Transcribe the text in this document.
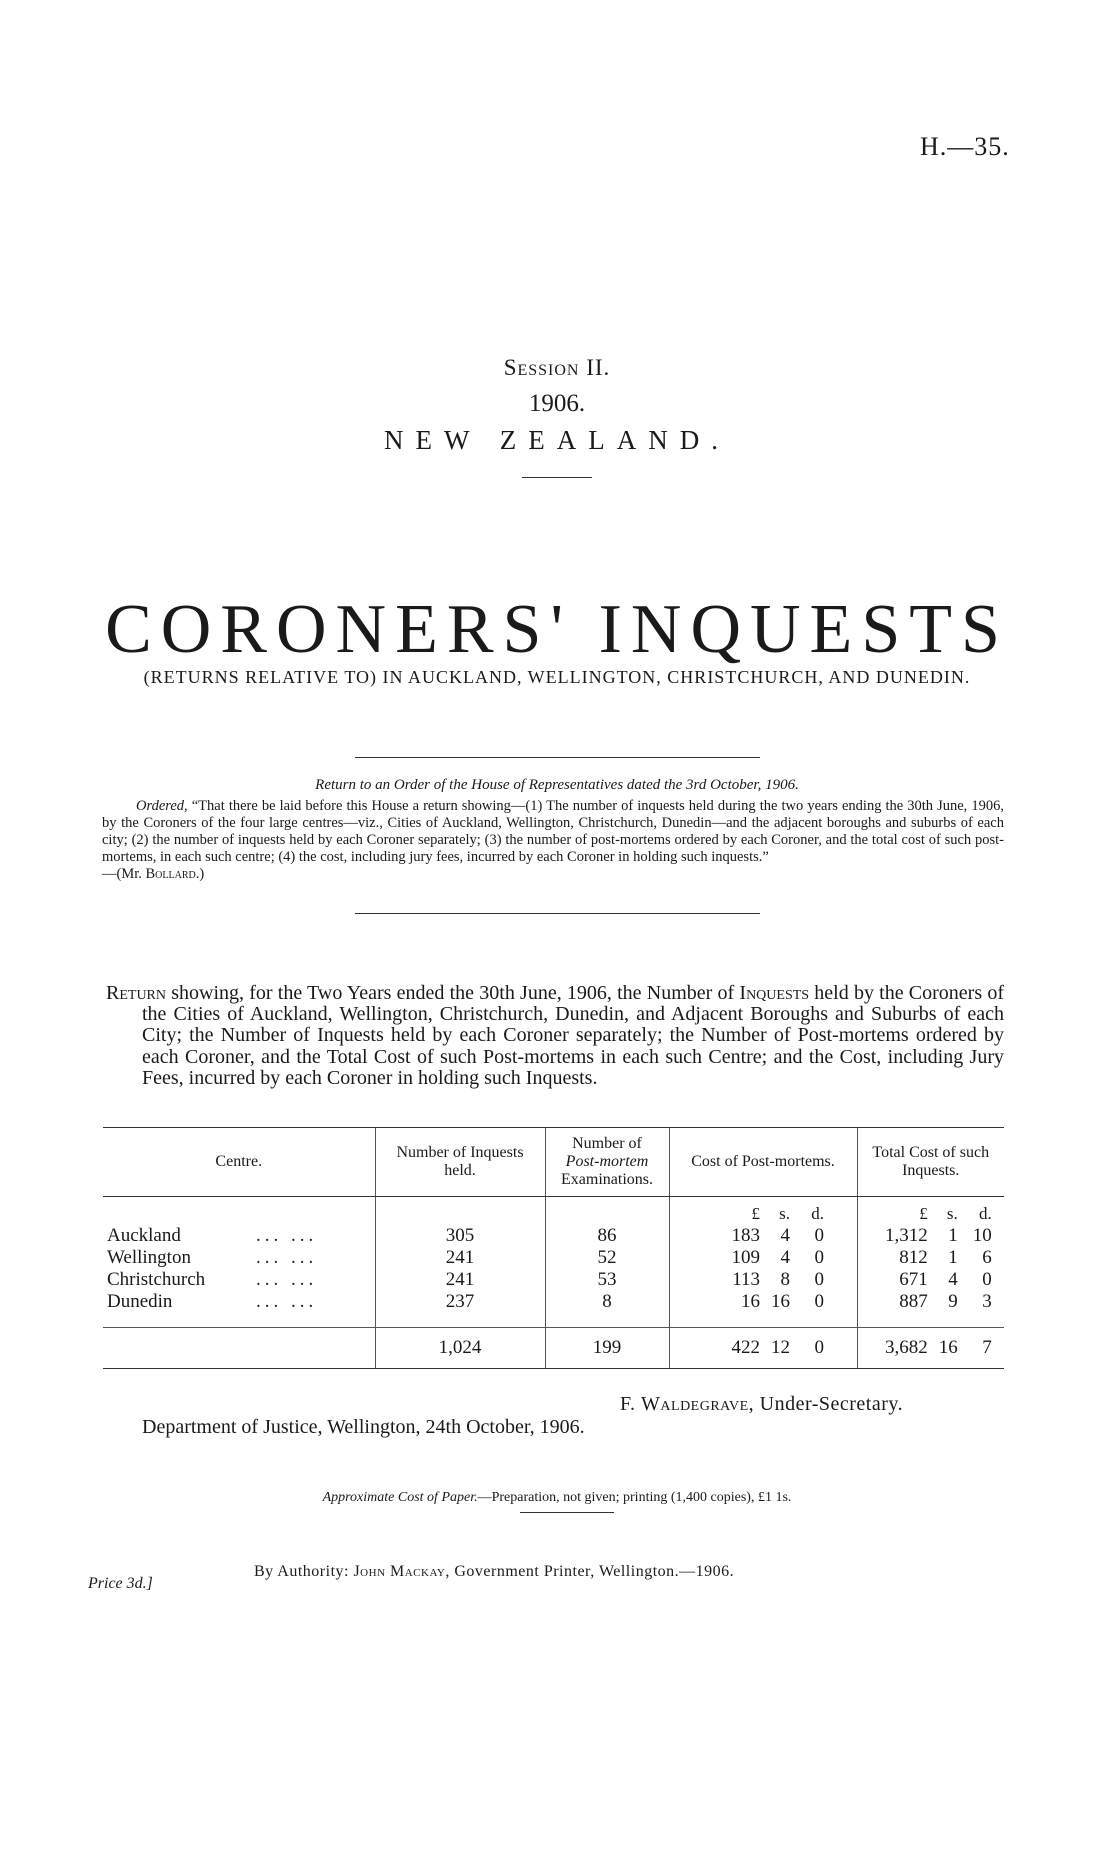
H.—35.
Session II.
1906.
NEW ZEALAND.
CORONERS' INQUESTS
(RETURNS RELATIVE TO) IN AUCKLAND, WELLINGTON, CHRISTCHURCH, AND DUNEDIN.
Return to an Order of the House of Representatives dated the 3rd October, 1906.
Ordered, “That there be laid before this House a return showing—(1) The number of inquests held during the two years ending the 30th June, 1906, by the Coroners of the four large centres—viz., Cities of Auckland, Wellington, Christchurch, Dunedin—and the adjacent boroughs and suburbs of each city; (2) the number of inquests held by each Coroner separately; (3) the number of post-mortems ordered by each Coroner, and the total cost of such post-mortems, in each such centre; (4) the cost, including jury fees, incurred by each Coroner in holding such inquests.”
—(Mr. Bollard.)
Return showing, for the Two Years ended the 30th June, 1906, the Number of Inquests held by the Coroners of the Cities of Auckland, Wellington, Christchurch, Dunedin, and Adjacent Boroughs and Suburbs of each City; the Number of Inquests held by each Coroner separately; the Number of Post-mortems ordered by each Coroner, and the Total Cost of such Post-mortems in each such Centre; and the Cost, including Jury Fees, incurred by each Coroner in holding such Inquests.
Centre.	Number of Inquests held.	Number of
Post-mortem
Examinations.	Cost of Post-mortems.	Total Cost of such Inquests.
			£ s. d.	£ s. d.
Auckland ... ...	305	86	183 4 0	1,312 1 10
Wellington ... ...	241	52	109 4 0	812 1 6
Christchurch ... ...	241	53	113 8 0	671 4 0
Dunedin ... ...	237	8	16 16 0	887 9 3
	1,024	199	422 12 0	3,682 16 7
F. Waldegrave, Under-Secretary.
Department of Justice, Wellington, 24th October, 1906.
Approximate Cost of Paper.—Preparation, not given; printing (1,400 copies), £1 1s.
Price 3d.]
By Authority: John Mackay, Government Printer, Wellington.—1906.
